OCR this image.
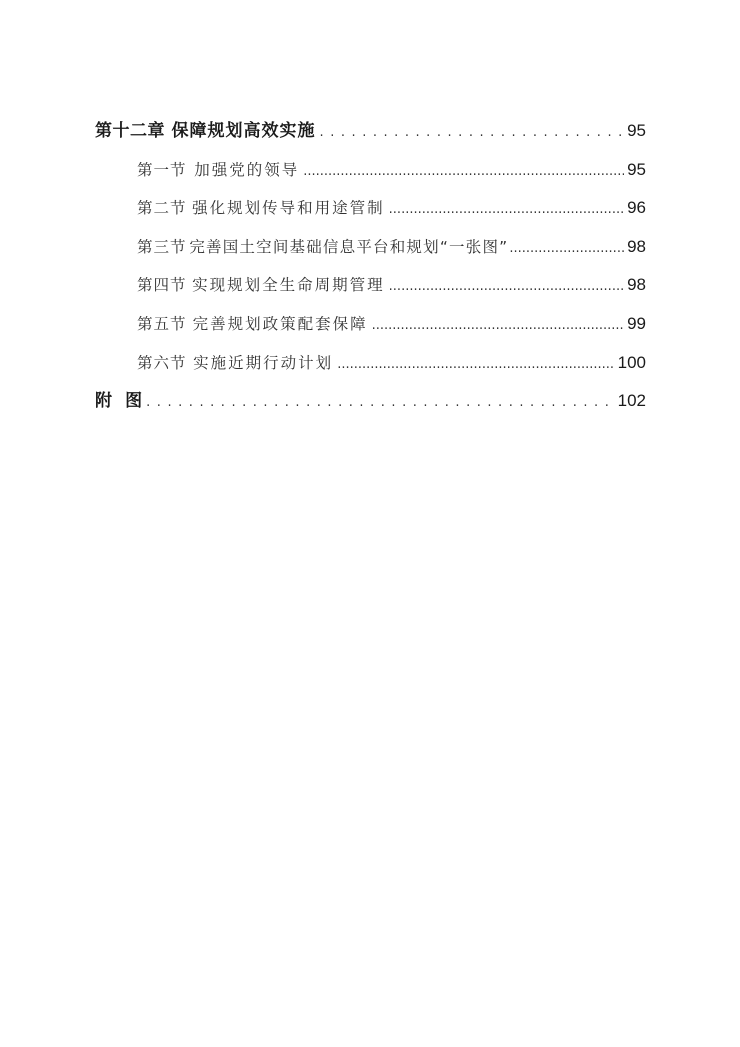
第十二章 保障规划高效实施 . . .	95
第一节 加强党的领导 .....	95
第二节 强化规划传导和用途管制 .....	96
第三节 完善国土空间基础信息平台和规划“一张图” .....	98
第四节 实现规划全生命周期管理 .....	98
第五节 完善规划政策配套保障 .....	99
第六节 实施近期行动计划 .....	100
附 图 . . .	102
